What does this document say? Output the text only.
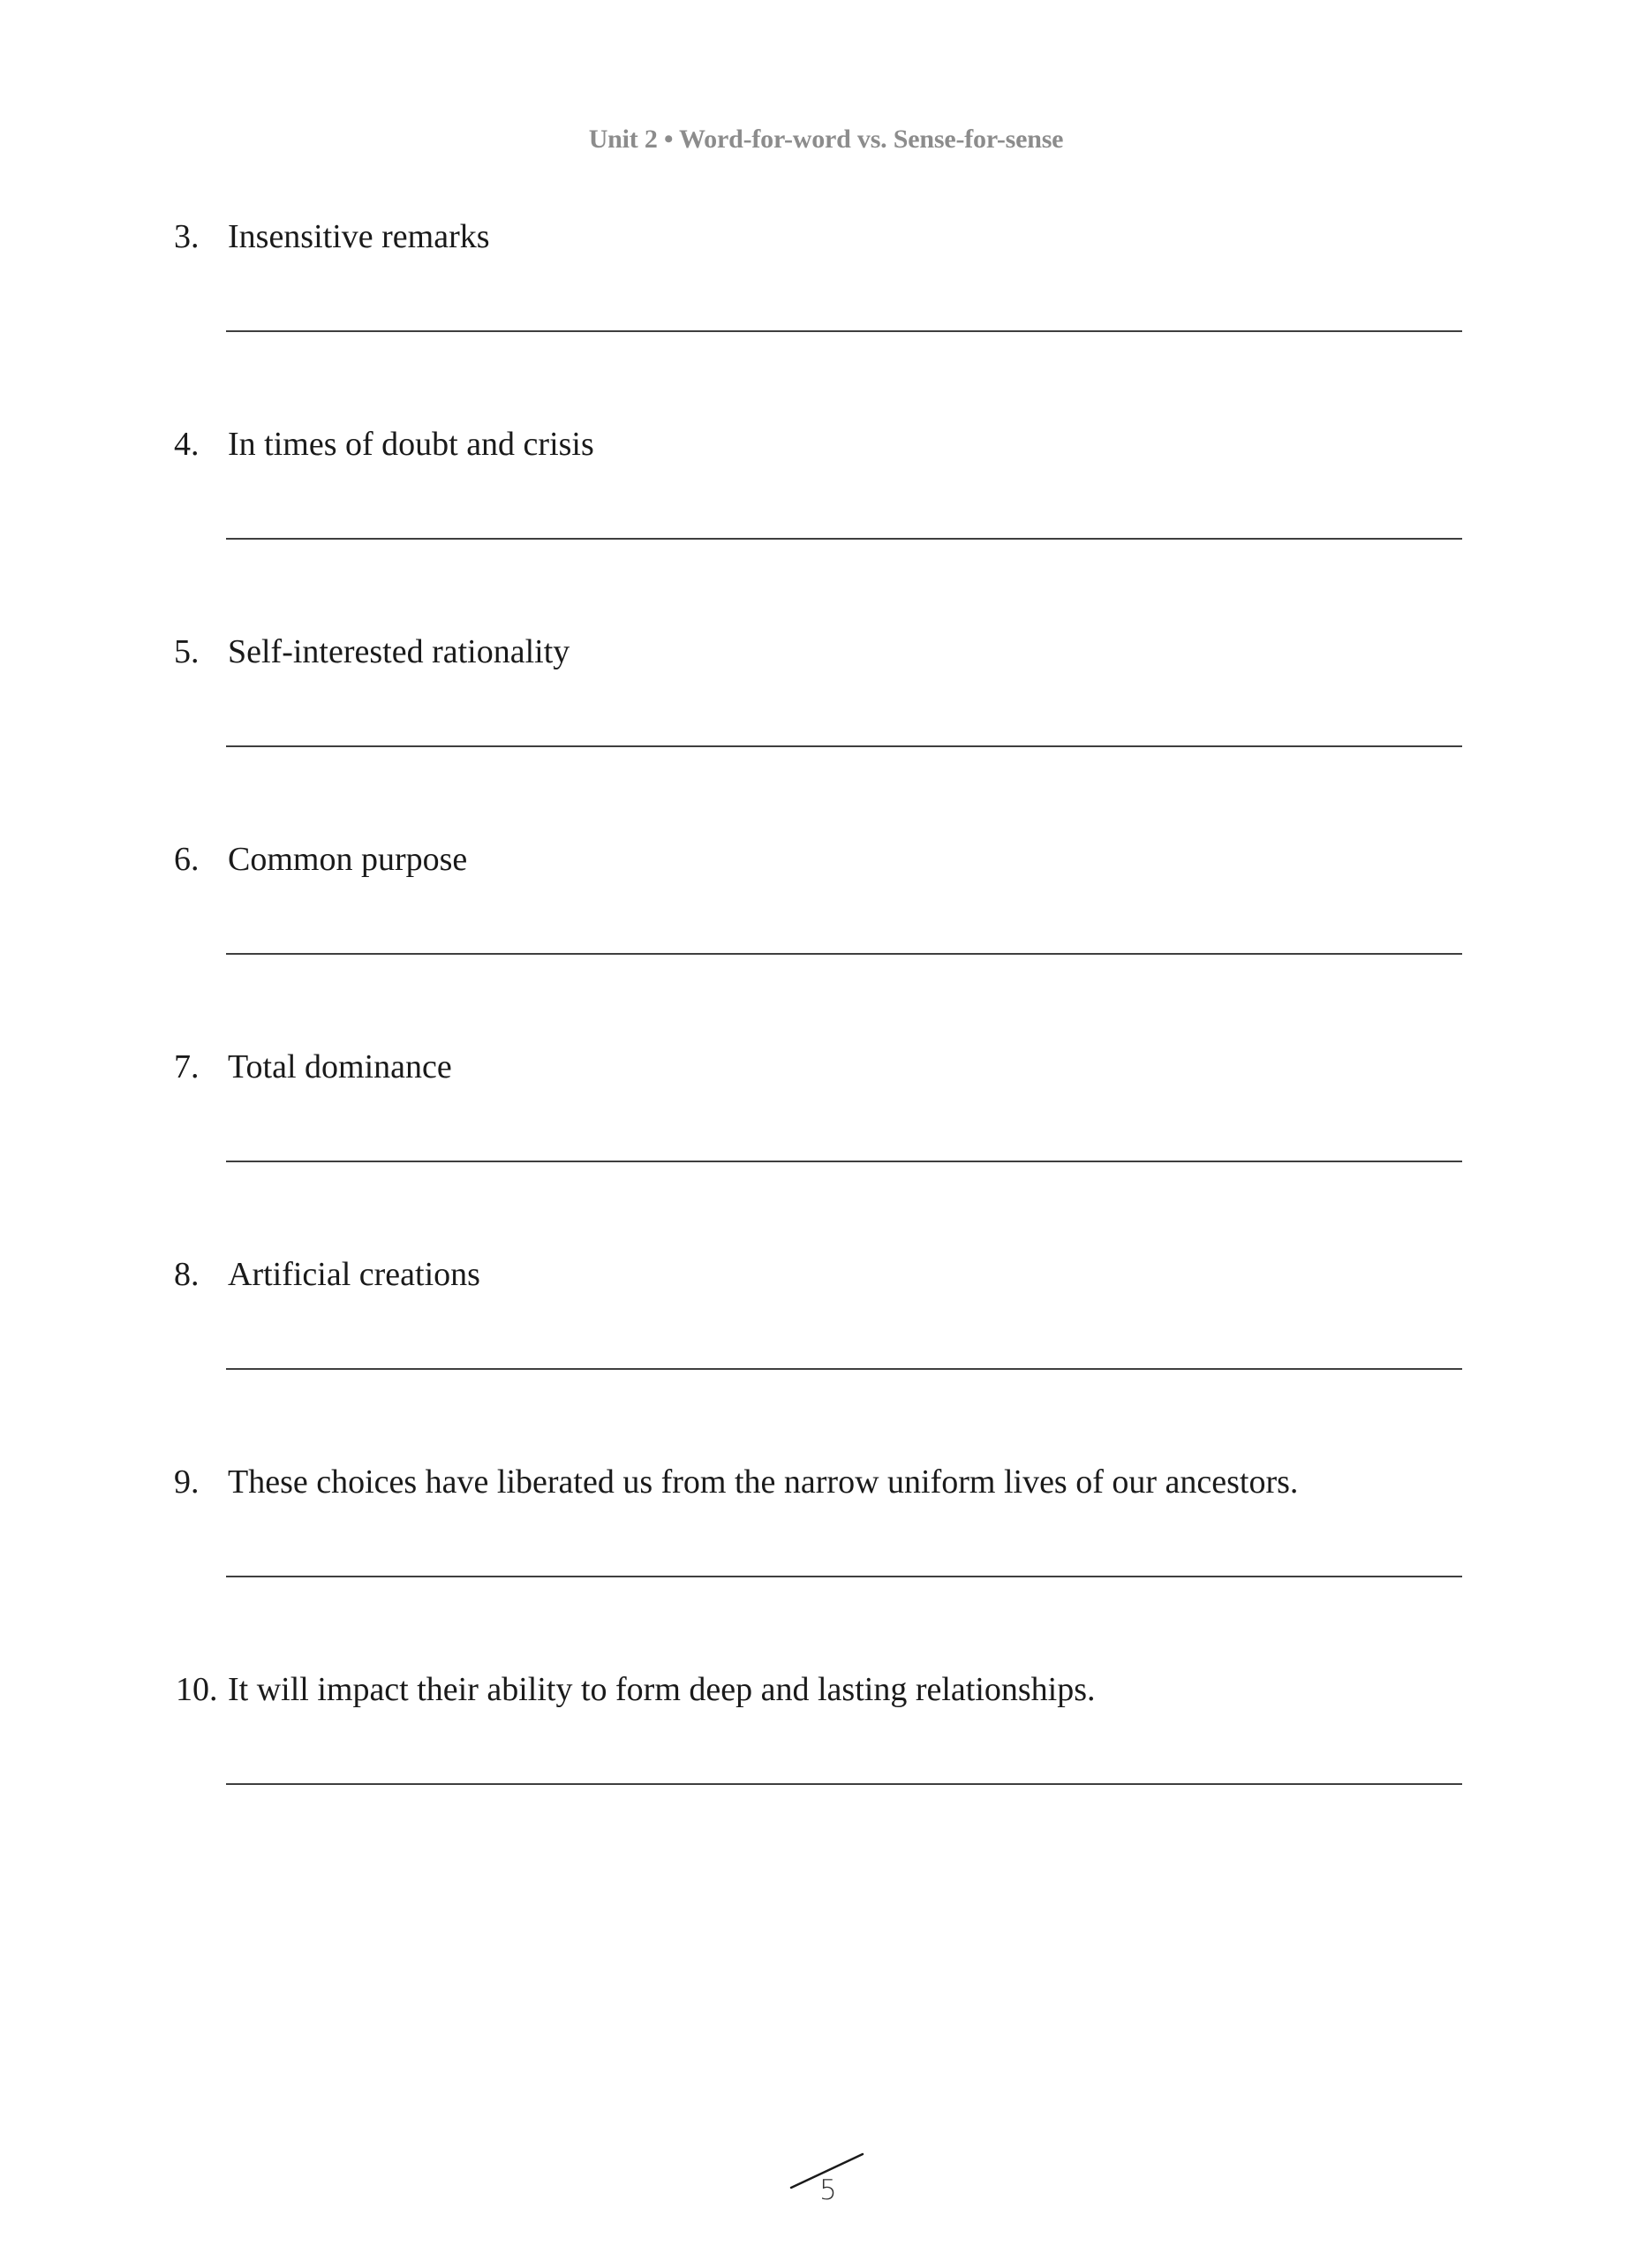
Unit 2 • Word-for-word vs. Sense-for-sense
3. Insensitive remarks
4. In times of doubt and crisis
5. Self-interested rationality
6. Common purpose
7. Total dominance
8. Artificial creations
9. These choices have liberated us from the narrow uniform lives of our ancestors.
10. It will impact their ability to form deep and lasting relationships.
5
